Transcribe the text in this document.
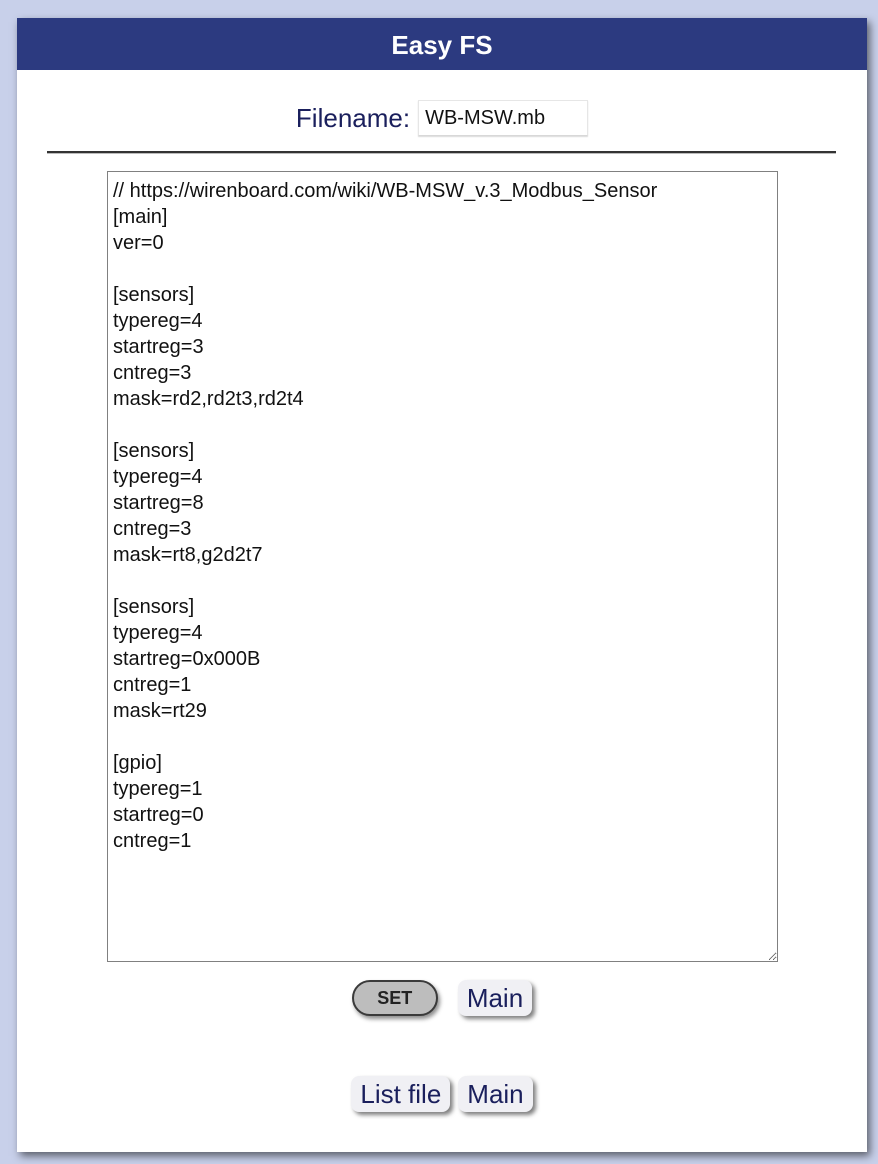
Easy FS
Filename:
WB-MSW.mb
// https://wirenboard.com/wiki/WB-MSW_v.3_Modbus_Sensor [main] ver=0 [sensors] typereg=4 startreg=3 cntreg=3 mask=rd2,rd2t3,rd2t4 [sensors] typereg=4 startreg=8 cntreg=3 mask=rt8,g2d2t7 [sensors] typereg=4 startreg=0x000B cntreg=1 mask=rt29 [gpio] typereg=1 startreg=0 cntreg=1
SET	Main
List file	Main
